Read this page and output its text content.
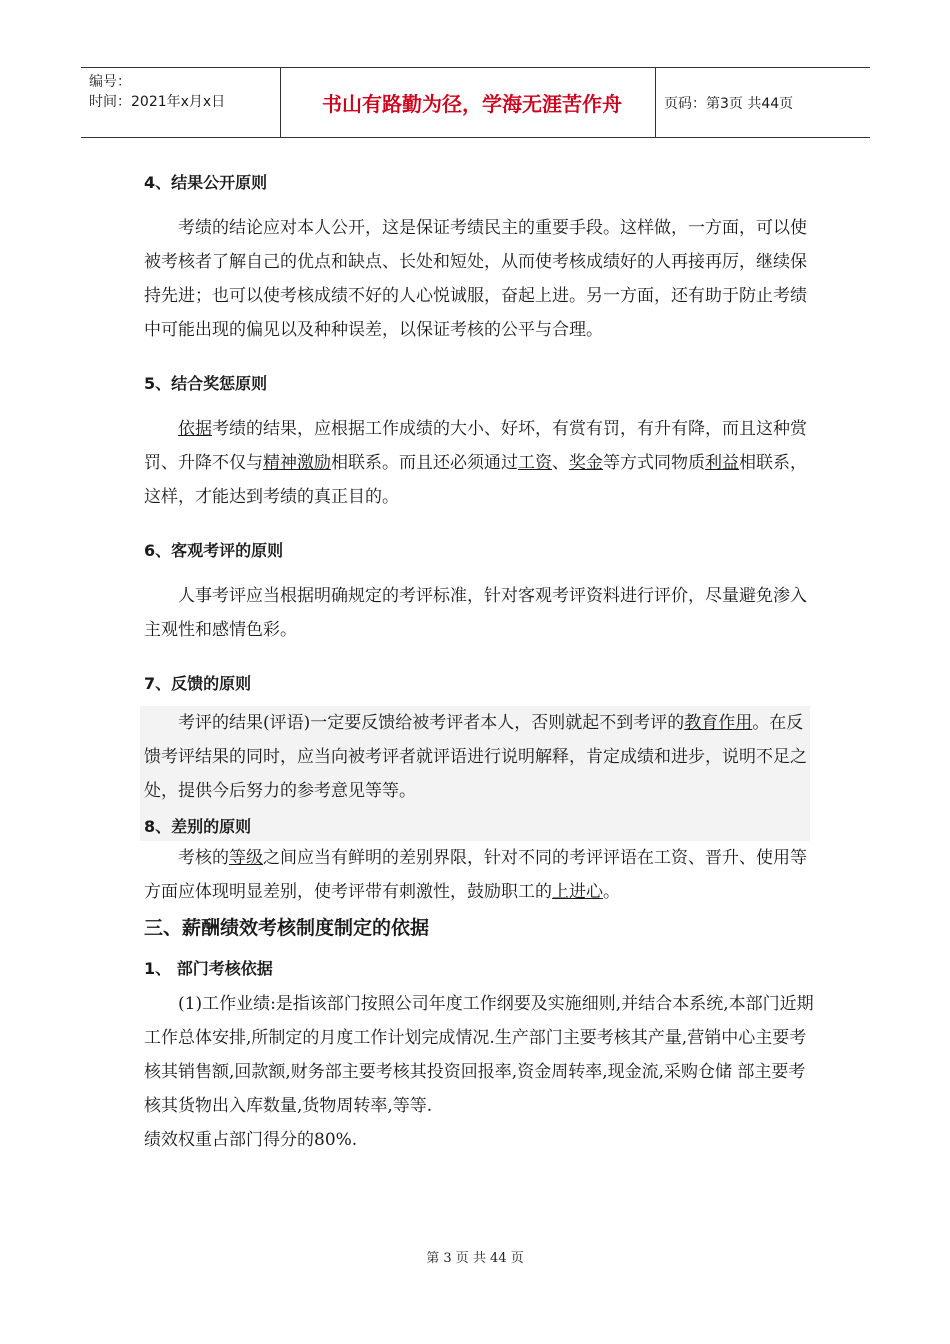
编号：
时间：2021年x月x日	书山有路勤为径，学海无涯苦作舟	页码：第3页 共44页

4、结果公开原则

考绩的结论应对本人公开，这是保证考绩民主的重要手段。这样做，一方面，可以使被考核者了解自己的优点和缺点、长处和短处，从而使考核成绩好的人再接再厉，继续保持先进；也可以使考核成绩不好的人心悦诚服，奋起上进。另一方面，还有助于防止考绩中可能出现的偏见以及种种误差，以保证考核的公平与合理。

5、结合奖惩原则

依据考绩的结果，应根据工作成绩的大小、好坏，有赏有罚，有升有降，而且这种赏罚、升降不仅与精神激励相联系。而且还必须通过工资、奖金等方式同物质利益相联系，这样，才能达到考绩的真正目的。

6、客观考评的原则

人事考评应当根据明确规定的考评标准，针对客观考评资料进行评价，尽量避免渗入主观性和感情色彩。

7、反馈的原则

考评的结果(评语)一定要反馈给被考评者本人，否则就起不到考评的教育作用。在反馈考评结果的同时，应当向被考评者就评语进行说明解释，肯定成绩和进步，说明不足之处，提供今后努力的参考意见等等。

8、差别的原则

考核的等级之间应当有鲜明的差别界限，针对不同的考评评语在工资、晋升、使用等方面应体现明显差别，使考评带有刺激性，鼓励职工的上进心。

三、薪酬绩效考核制度制定的依据

1、 部门考核依据

(1)工作业绩:是指该部门按照公司年度工作纲要及实施细则,并结合本系统,本部门近期工作总体安排,所制定的月度工作计划完成情况.生产部门主要考核其产量,营销中心主要考核其销售额,回款额,财务部主要考核其投资回报率,资金周转率,现金流,采购仓储 部主要考核其货物出入库数量,货物周转率,等等.

绩效权重占部门得分的80%.

第 3 页 共 44 页
